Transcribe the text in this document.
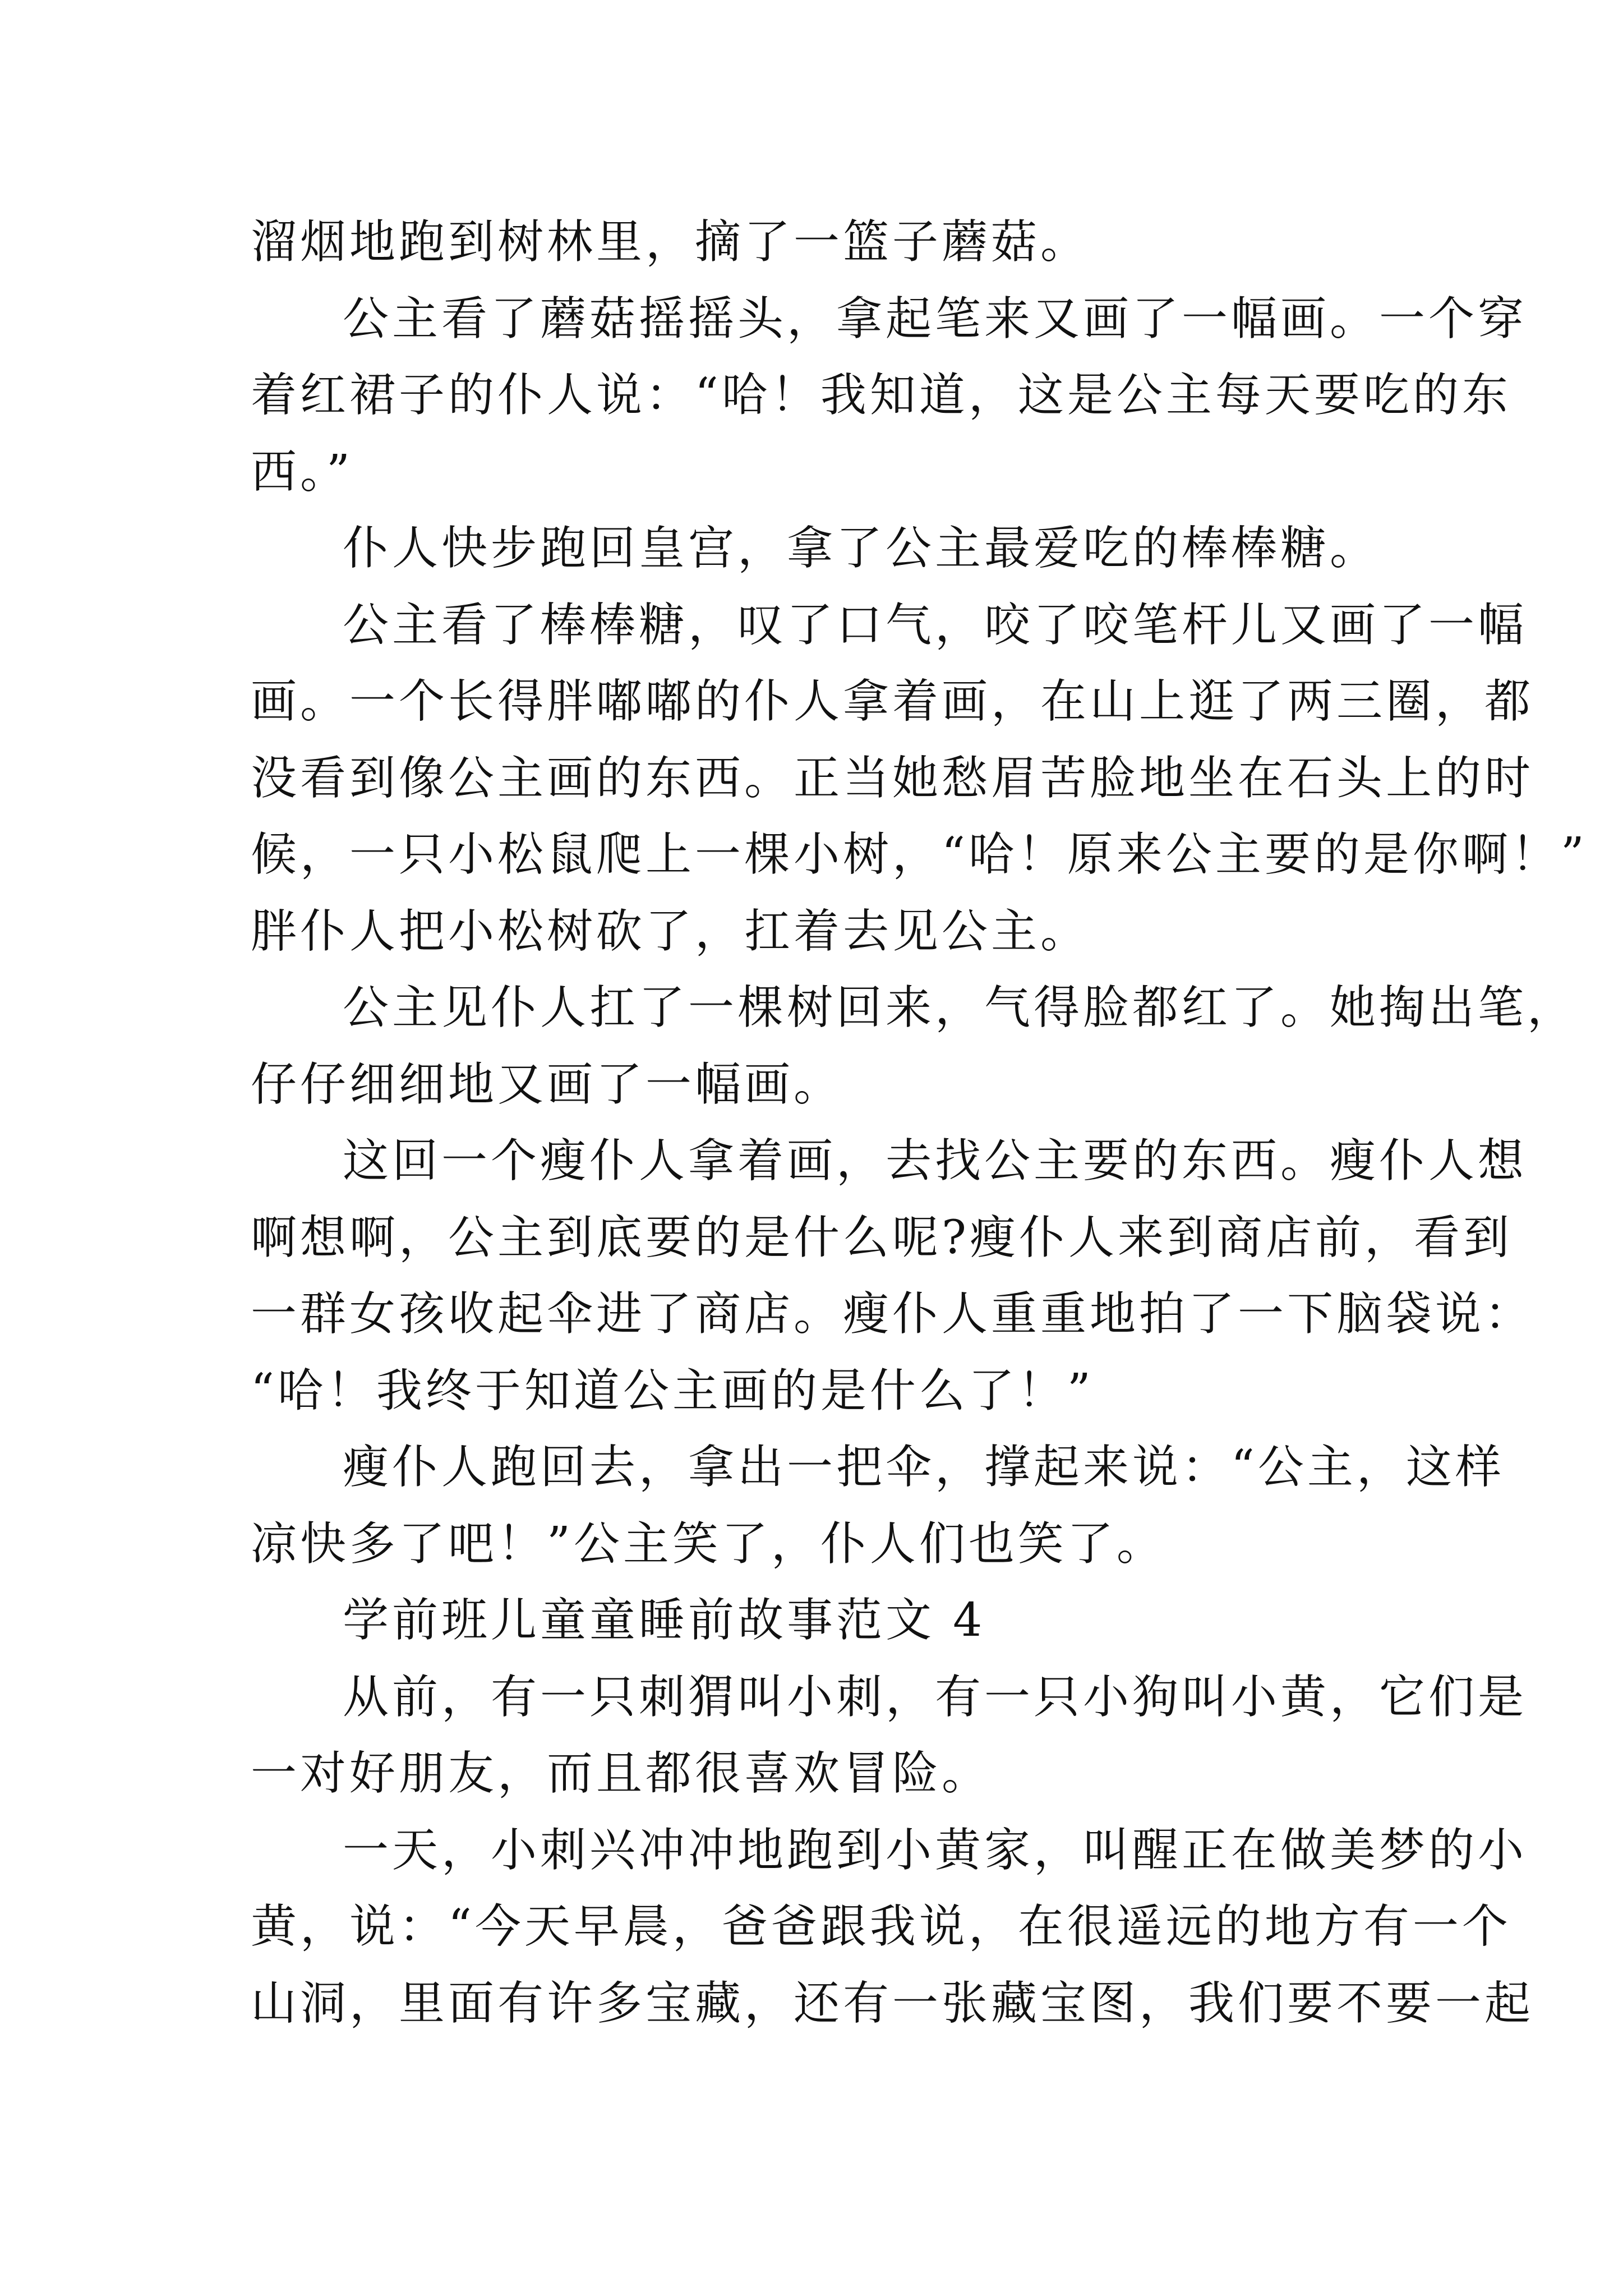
溜烟地跑到树林里，摘了一篮子蘑菇。
公主看了蘑菇摇摇头，拿起笔来又画了一幅画。一个穿
着红裙子的仆人说：“哈！我知道，这是公主每天要吃的东
西。”
仆人快步跑回皇宫，拿了公主最爱吃的棒棒糖。
公主看了棒棒糖，叹了口气，咬了咬笔杆儿又画了一幅
画。一个长得胖嘟嘟的仆人拿着画，在山上逛了两三圈，都
没看到像公主画的东西。正当她愁眉苦脸地坐在石头上的时
候，一只小松鼠爬上一棵小树，“哈！原来公主要的是你啊！”
胖仆人把小松树砍了，扛着去见公主。
公主见仆人扛了一棵树回来，气得脸都红了。她掏出笔，
仔仔细细地又画了一幅画。
这回一个瘦仆人拿着画，去找公主要的东西。瘦仆人想
啊想啊，公主到底要的是什么呢?瘦仆人来到商店前，看到
一群女孩收起伞进了商店。瘦仆人重重地拍了一下脑袋说：
“哈！我终于知道公主画的是什么了！”
瘦仆人跑回去，拿出一把伞，撑起来说：“公主，这样
凉快多了吧！”公主笑了，仆人们也笑了。
学前班儿童童睡前故事范文 4
从前，有一只刺猬叫小刺，有一只小狗叫小黄，它们是
一对好朋友，而且都很喜欢冒险。
一天，小刺兴冲冲地跑到小黄家，叫醒正在做美梦的小
黄，说：“今天早晨，爸爸跟我说，在很遥远的地方有一个
山洞，里面有许多宝藏，还有一张藏宝图，我们要不要一起
